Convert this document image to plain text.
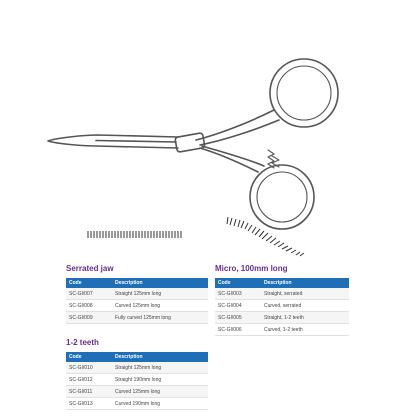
Serrated jaw
Code	Description
SC-GI/007	Straight 125mm long
SC-GI/008	Curved 125mm long
SC-GI/009	Fully curved 125mm long
Micro, 100mm long
Code	Description
SC-GI/003	Straight, serrated
SC-GI/004	Curved, serrated
SC-GI/005	Straight, 1-2 teeth
SC-GI/006	Curved, 1-2 teeth
1-2 teeth
Code	Description
SC-GI/010	Straight 125mm long
SC-GI/012	Straight 190mm long
SC-GI/011	Curved 125mm long
SC-GI/013	Curved 190mm long
